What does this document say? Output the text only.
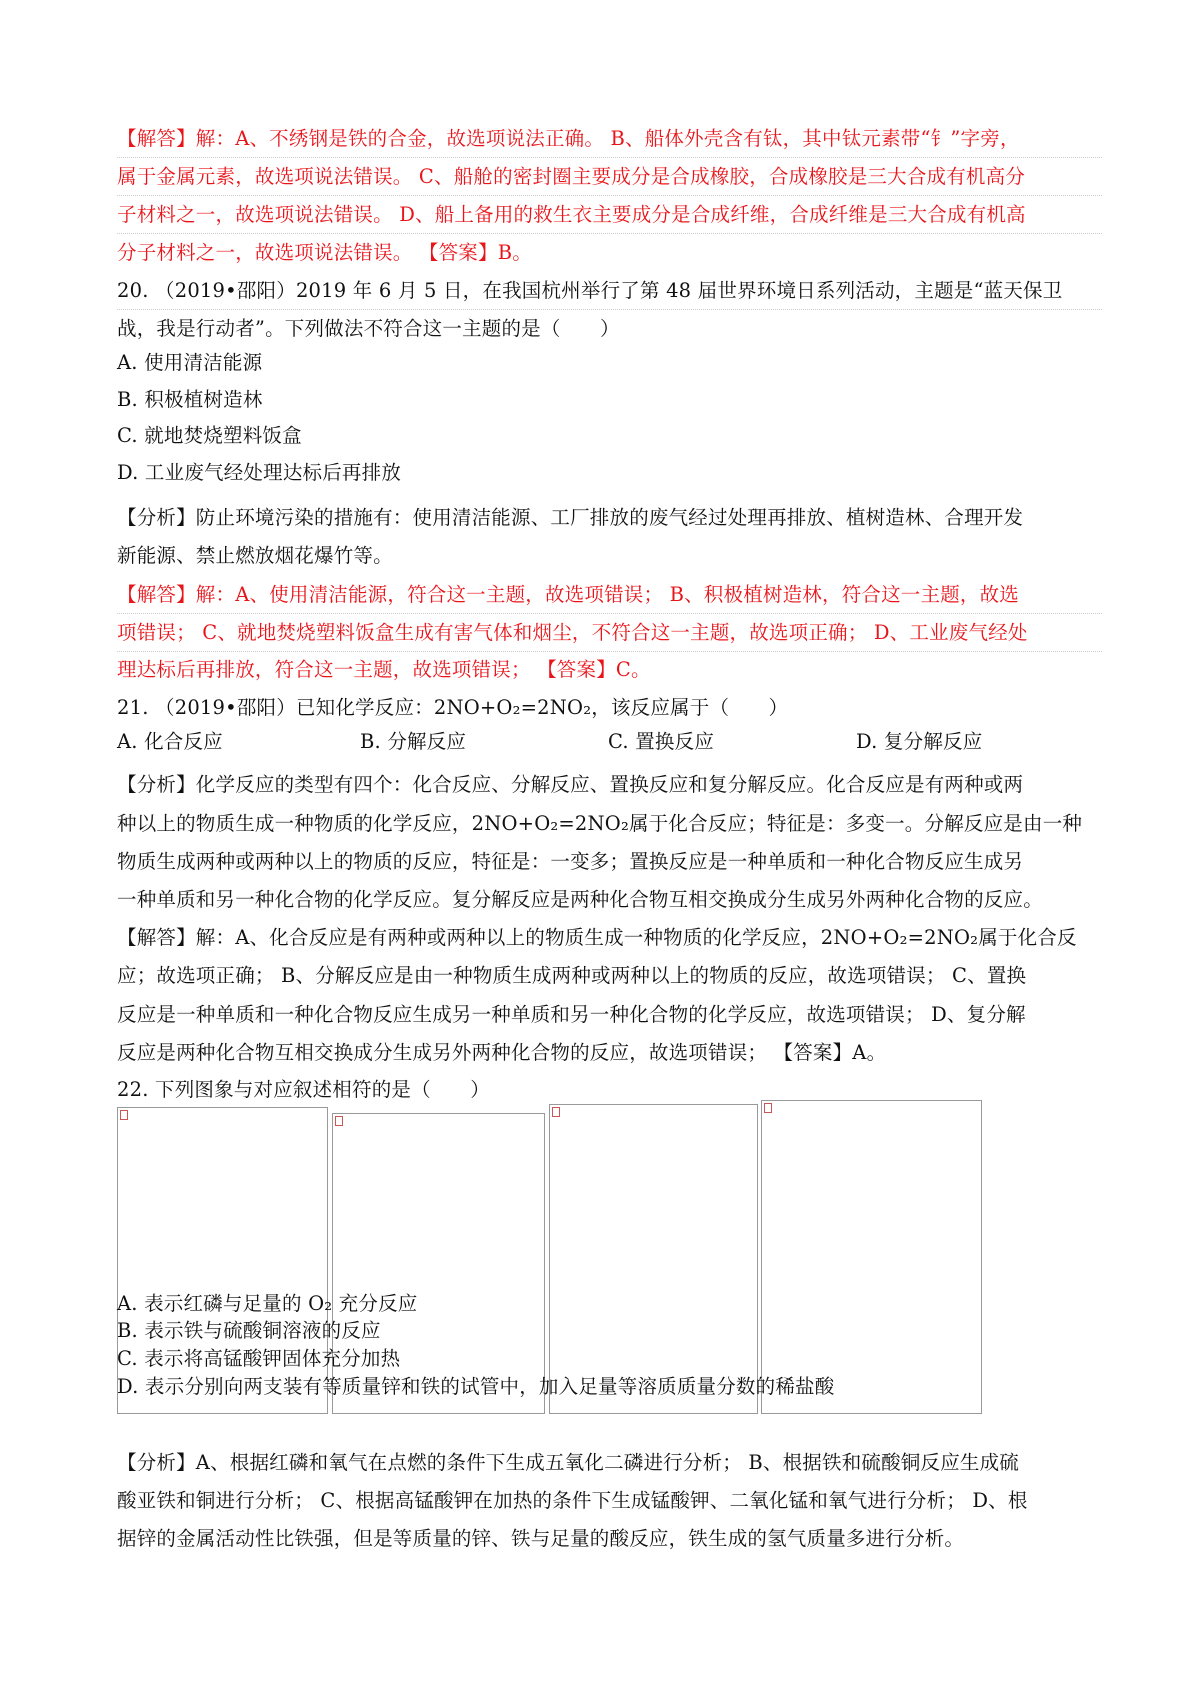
【解答】解：A、不绣钢是铁的合金，故选项说法正确。 B、船体外壳含有钛，其中钛元素带“钅”字旁，
属于金属元素，故选项说法错误。 C、船舱的密封圈主要成分是合成橡胶，合成橡胶是三大合成有机高分
子材料之一，故选项说法错误。 D、船上备用的救生衣主要成分是合成纤维，合成纤维是三大合成有机高
分子材料之一，故选项说法错误。 【答案】B。
20. （2019•邵阳）2019 年 6 月 5 日，在我国杭州举行了第 48 届世界环境日系列活动，主题是“蓝天保卫
战，我是行动者”。下列做法不符合这一主题的是（　　）
A. 使用清洁能源
B. 积极植树造林
C. 就地焚烧塑料饭盒
D. 工业废气经处理达标后再排放
【分析】防止环境污染的措施有：使用清洁能源、工厂排放的废气经过处理再排放、植树造林、合理开发
新能源、禁止燃放烟花爆竹等。
【解答】解：A、使用清洁能源，符合这一主题，故选项错误； B、积极植树造林，符合这一主题，故选
项错误； C、就地焚烧塑料饭盒生成有害气体和烟尘，不符合这一主题，故选项正确； D、工业废气经处
理达标后再排放，符合这一主题，故选项错误； 【答案】C。
21. （2019•邵阳）已知化学反应：2NO+O₂=2NO₂，该反应属于（　　）
A. 化合反应	B. 分解反应	C. 置换反应	D. 复分解反应
【分析】化学反应的类型有四个：化合反应、分解反应、置换反应和复分解反应。化合反应是有两种或两
种以上的物质生成一种物质的化学反应，2NO+O₂=2NO₂属于化合反应；特征是：多变一。分解反应是由一种
物质生成两种或两种以上的物质的反应，特征是：一变多；置换反应是一种单质和一种化合物反应生成另
一种单质和另一种化合物的化学反应。复分解反应是两种化合物互相交换成分生成另外两种化合物的反应。
【解答】解：A、化合反应是有两种或两种以上的物质生成一种物质的化学反应，2NO+O₂=2NO₂属于化合反
应；故选项正确； B、分解反应是由一种物质生成两种或两种以上的物质的反应，故选项错误； C、置换
反应是一种单质和一种化合物反应生成另一种单质和另一种化合物的化学反应，故选项错误； D、复分解
反应是两种化合物互相交换成分生成另外两种化合物的反应，故选项错误； 【答案】A。
22. 下列图象与对应叙述相符的是（　　）
A. 表示红磷与足量的 O₂ 充分反应
B. 表示铁与硫酸铜溶液的反应
C. 表示将高锰酸钾固体充分加热
D. 表示分别向两支装有等质量锌和铁的试管中，加入足量等溶质质量分数的稀盐酸
【分析】A、根据红磷和氧气在点燃的条件下生成五氧化二磷进行分析； B、根据铁和硫酸铜反应生成硫
酸亚铁和铜进行分析； C、根据高锰酸钾在加热的条件下生成锰酸钾、二氧化锰和氧气进行分析； D、根
据锌的金属活动性比铁强，但是等质量的锌、铁与足量的酸反应，铁生成的氢气质量多进行分析。
